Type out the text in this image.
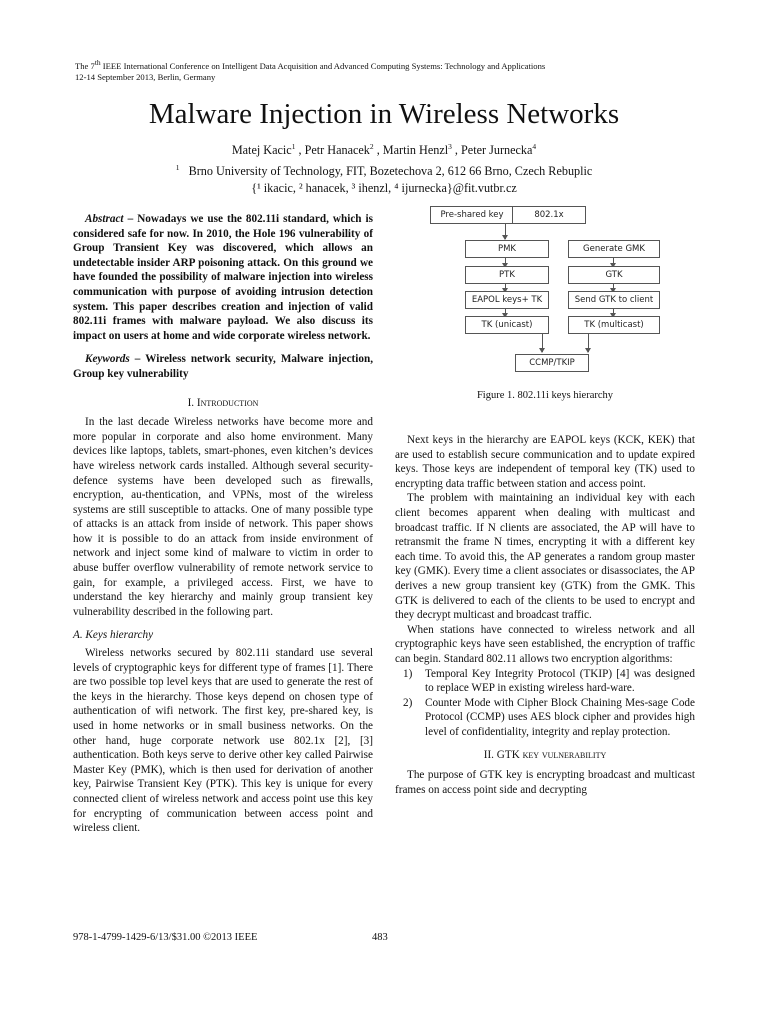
The 7th IEEE International Conference on Intelligent Data Acquisition and Advanced Computing Systems: Technology and Applications
12-14 September 2013, Berlin, Germany
Malware Injection in Wireless Networks
Matej Kacic$^1$ , Petr Hanacek$^2$ , Martin Henzl$^3$ , Peter Jurnecka$^4$
$^1$ Brno University of Technology, FIT, Bozetechova 2, 612 66 Brno, Czech Rebuplic
{¹ ikacic, ² hanacek, ³ ihenzl, ⁴ ijurnecka}@fit.vutbr.cz

Abstract – Nowadays we use the 802.11i standard, which is considered safe for now. In 2010, the Hole 196 vulnerability of Group Transient Key was discovered, which allows an undetectable insider ARP poisoning attack. On this ground we have founded the possibility of malware injection into wireless communication with purpose of avoiding intrusion detection system. This paper describes creation and injection of valid 802.11i frames with malware payload. We also discuss its impact on users at home and wide corporate wireless network.

Keywords – Wireless network security, Malware injection, Group key vulnerability

I. Introduction

In the last decade Wireless networks have become more and more popular in corporate and also home environment. Many devices like laptops, tablets, smart-phones, even kitchen’s devices have wireless network cards installed. Although several security-defence systems have been developed such as firewalls, encryption, au-thentication, and VPNs, most of the wireless systems are still susceptible to attacks. One of many possible type of attacks is an attack from inside of network. This paper shows how it is possible to do an attack from inside environment of network and inject some kind of malware to victim in order to abuse buffer overflow vulnerability of remote network service to gain, for example, a privileged access. First, we have to understand the key hierarchy and mainly group transient key vulnerability described in the following part.

A. Keys hierarchy

Wireless networks secured by 802.11i standard use several levels of cryptographic keys for different type of frames [1]. There are two possible top level keys that are used to generate the rest of the keys in the hierarchy. Those keys depend on chosen type of authentication of wifi network. The first key, pre-shared key, is used in home networks or in small business networks. On the other hand, huge corporate network use 802.1x [2], [3] authentication. Both keys serve to derive other key called Pairwise Master Key (PMK), which is then used for derivation of another key, Pairwise Transient Key (PTK). This key is unique for every connected client of wireless network and access point use this key for encrypting of communication between access point and wireless client.

Pre-shared key	802.1x
PMK	Generate GMK
PTK	GTK
EAPOL keys+ TK	Send GTK to client
TK (unicast)	TK (multicast)
CCMP/TKIP
Figure 1. 802.11i keys hierarchy

Next keys in the hierarchy are EAPOL keys (KCK, KEK) that are used to establish secure communication and to update expired keys. Those keys are independent of temporal key (TK) used to encrypting data traffic between station and access point.

The problem with maintaining an individual key with each client becomes apparent when dealing with multicast and broadcast traffic. If N clients are associated, the AP will have to retransmit the frame N times, encrypting it with a different key each time. To avoid this, the AP generates a random group master key (GMK). Every time a client associates or disassociates, the AP derives a new group transient key (GTK) from the GMK. This GTK is delivered to each of the clients to be used to encrypt and they decrypt multicast and broadcast traffic.

When stations have connected to wireless network and all cryptographic keys have seen established, the encryption of traffic can begin. Standard 802.11 allows two encryption algorithms:

1) Temporal Key Integrity Protocol (TKIP) [4] was designed to replace WEP in existing wireless hard-ware.
2) Counter Mode with Cipher Block Chaining Mes-sage Code Protocol (CCMP) uses AES block cipher and provides high level of confidentiality, integrity and replay protection.
II. GTK key vulnerability

The purpose of GTK key is encrypting broadcast and multicast frames on access point side and decrypting

978-1-4799-1429-6/13/$31.00 ©2013 IEEE	483
